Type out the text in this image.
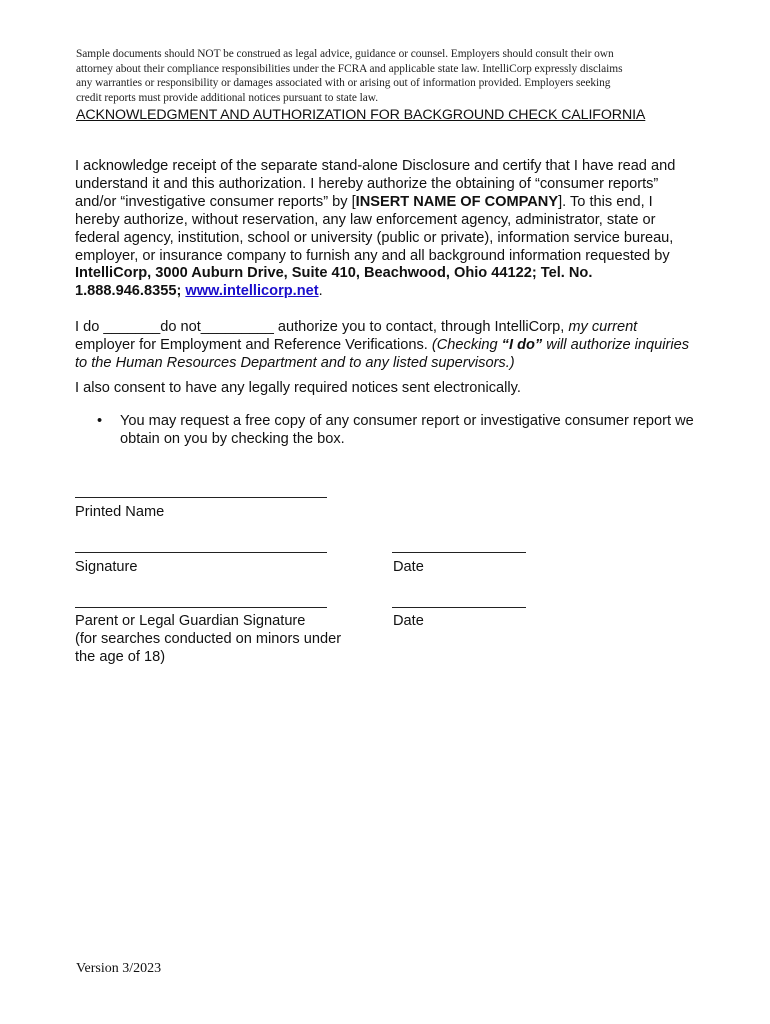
Sample documents should NOT be construed as legal advice, guidance or counsel. Employers should consult their own
attorney about their compliance responsibilities under the FCRA and applicable state law. IntelliCorp expressly disclaims
any warranties or responsibility or damages associated with or arising out of information provided. Employers seeking
credit reports must provide additional notices pursuant to state law.
ACKNOWLEDGMENT AND AUTHORIZATION FOR BACKGROUND CHECK CALIFORNIA
I acknowledge receipt of the separate stand-alone Disclosure and certify that I have read and understand it and this authorization. I hereby authorize the obtaining of “consumer reports” and/or “investigative consumer reports” by [INSERT NAME OF COMPANY]. To this end, I hereby authorize, without reservation, any law enforcement agency, administrator, state or federal agency, institution, school or university (public or private), information service bureau, employer, or insurance company to furnish any and all background information requested by IntelliCorp, 3000 Auburn Drive, Suite 410, Beachwood, Ohio 44122; Tel. No. 1.888.946.8355; www.intellicorp.net.
I do _______do not_________ authorize you to contact, through IntelliCorp, my current employer for Employment and Reference Verifications. (Checking “I do” will authorize inquiries to the Human Resources Department and to any listed supervisors.)
I also consent to have any legally required notices sent electronically.
•	You may request a free copy of any consumer report or investigative consumer report we obtain on you by checking the box.
Printed Name
Signature	Date
Parent or Legal Guardian Signature
(for searches conducted on minors under
the age of 18)
Date
Version 3/2023
